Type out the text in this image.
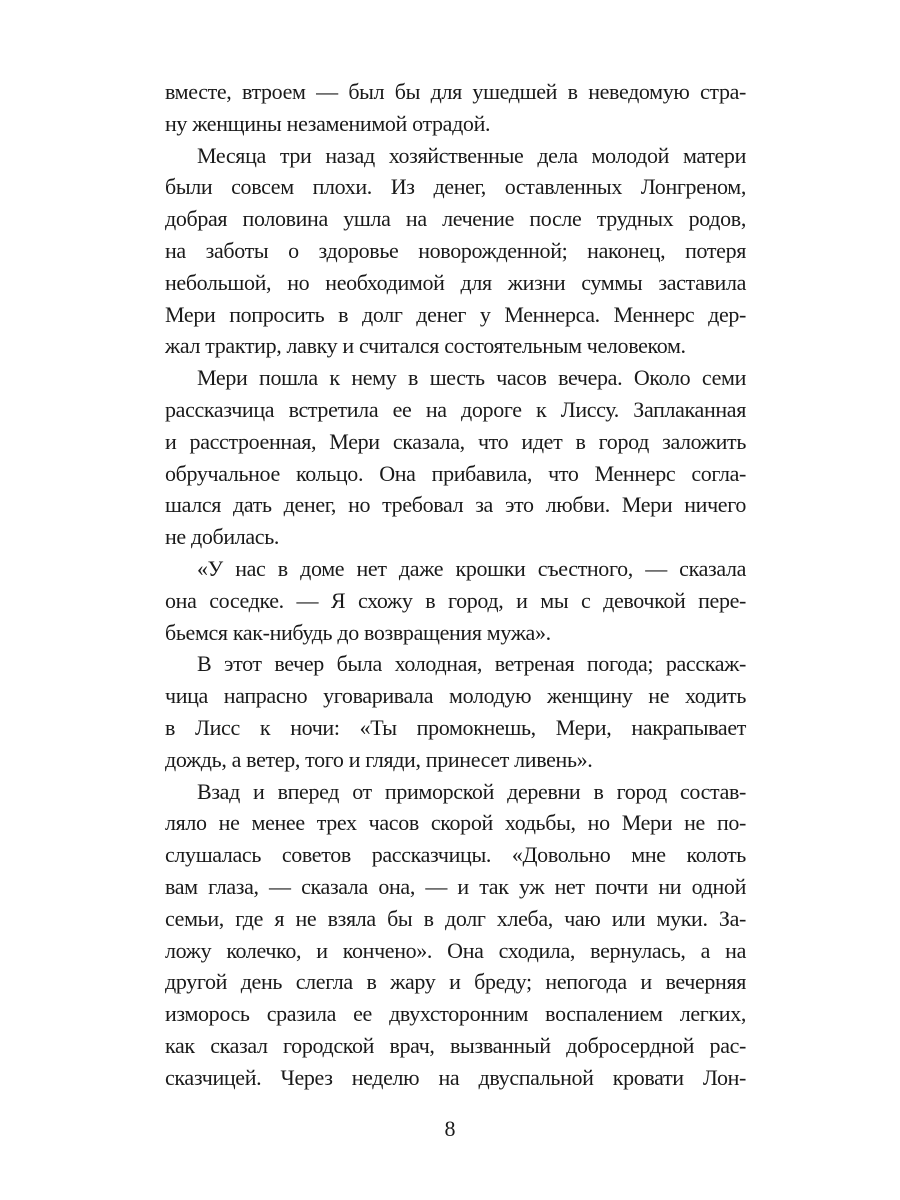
вместе, втроем — был бы для ушедшей в неведомую стра-
ну женщины незаменимой отрадой.
Месяца три назад хозяйственные дела молодой матери
были совсем плохи. Из денег, оставленных Лонгреном,
добрая половина ушла на лечение после трудных родов,
на заботы о здоровье новорожденной; наконец, потеря
небольшой, но необходимой для жизни суммы заставила
Мери попросить в долг денег у Меннерса. Меннерс дер-
жал трактир, лавку и считался состоятельным человеком.
Мери пошла к нему в шесть часов вечера. Около семи
рассказчица встретила ее на дороге к Лиссу. Заплаканная
и расстроенная, Мери сказала, что идет в город заложить
обручальное кольцо. Она прибавила, что Меннерс согла-
шался дать денег, но требовал за это любви. Мери ничего
не добилась.
«У нас в доме нет даже крошки съестного, — сказала
она соседке. — Я схожу в город, и мы с девочкой пере-
бьемся как-нибудь до возвращения мужа».
В этот вечер была холодная, ветреная погода; расскаж-
чица напрасно уговаривала молодую женщину не ходить
в Лисс к ночи: «Ты промокнешь, Мери, накрапывает
дождь, а ветер, того и гляди, принесет ливень».
Взад и вперед от приморской деревни в город состав-
ляло не менее трех часов скорой ходьбы, но Мери не по-
слушалась советов рассказчицы. «Довольно мне колоть
вам глаза, — сказала она, — и так уж нет почти ни одной
семьи, где я не взяла бы в долг хлеба, чаю или муки. За-
ложу колечко, и кончено». Она сходила, вернулась, а на
другой день слегла в жару и бреду; непогода и вечерняя
изморось сразила ее двухсторонним воспалением легких,
как сказал городской врач, вызванный добросердной рас-
сказчицей. Через неделю на двуспальной кровати Лон-
8
